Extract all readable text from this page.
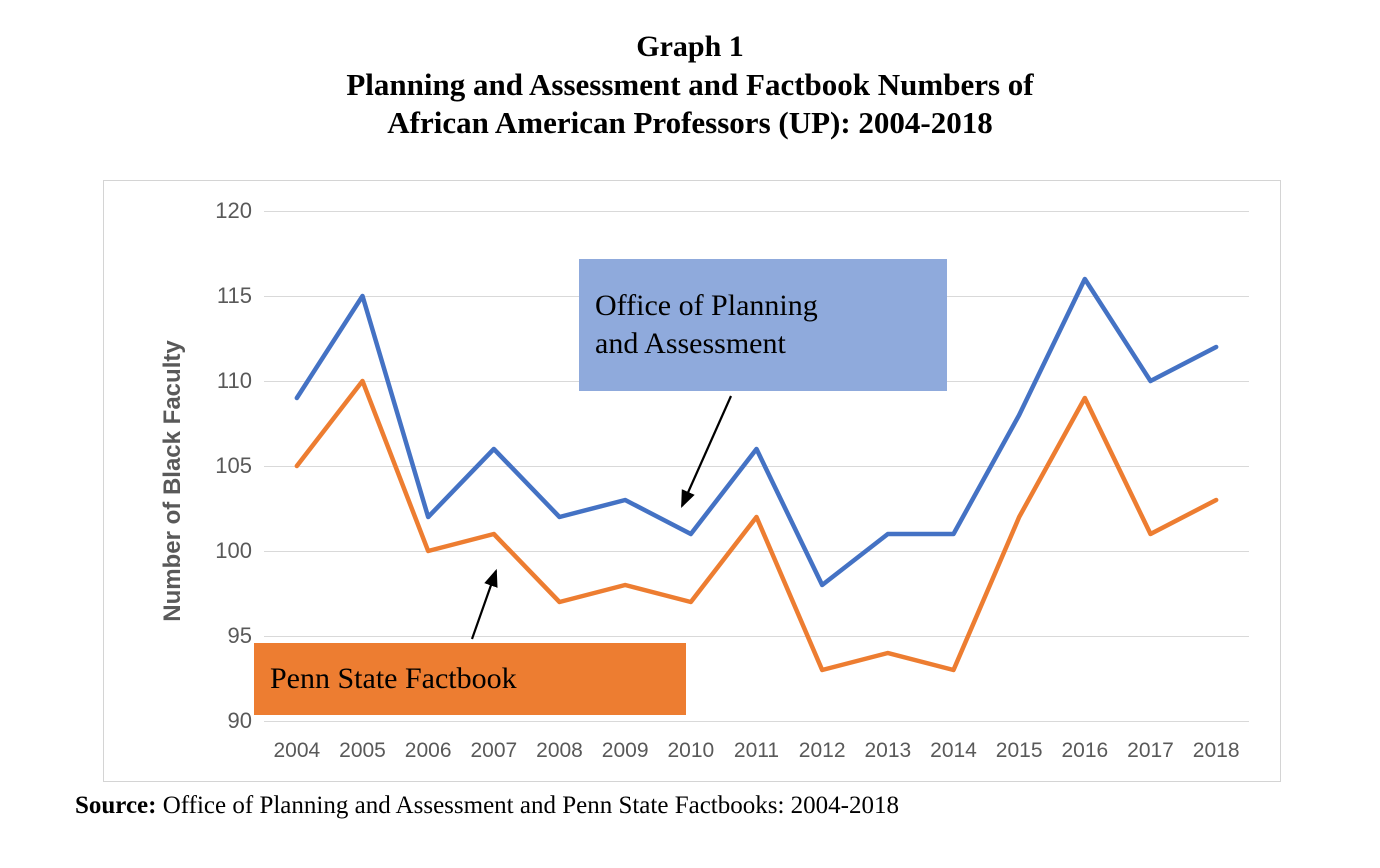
Graph 1
Planning and Assessment and Factbook Numbers of
African American Professors (UP): 2004-2018
Number of Black Faculty
90
95
100
105
110
115
120
2004 2005 2006 2007 2008 2009 2010 2011 2012 2013 2014 2015 2016 2017 2018
Office of Planning
and Assessment
Penn State Factbook
Source: Office of Planning and Assessment and Penn State Factbooks: 2004-2018
